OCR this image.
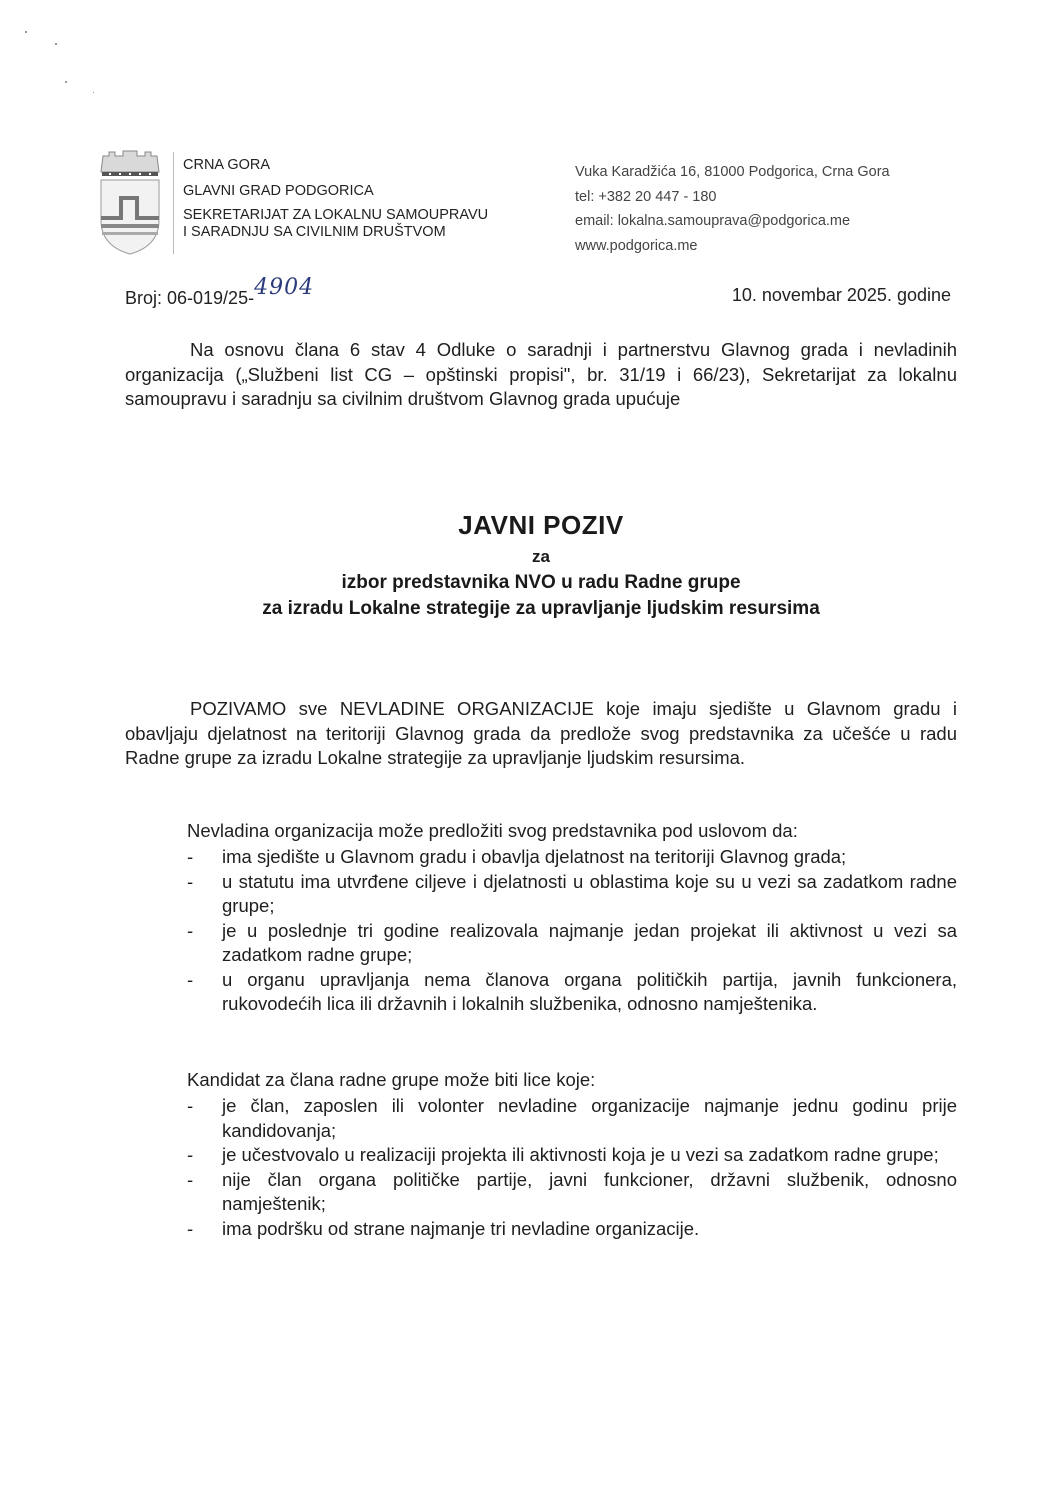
CRNA GORA
GLAVNI GRAD PODGORICA
SEKRETARIJAT ZA LOKALNU SAMOUPRAVU
I SARADNJU SA CIVILNIM DRUŠTVOM
Vuka Karadžića 16, 81000 Podgorica, Crna Gora
tel: +382 20 447 - 180
email: lokalna.samouprava@podgorica.me
www.podgorica.me
Broj: 06-019/25-4904	10. novembar 2025. godine
Na osnovu člana 6 stav 4 Odluke o saradnji i partnerstvu Glavnog grada i nevladinih organizacija („Službeni list CG – opštinski propisi", br. 31/19 i 66/23), Sekretarijat za lokalnu samoupravu i saradnju sa civilnim društvom Glavnog grada upućuje
JAVNI POZIV
za
izbor predstavnika NVO u radu Radne grupe
za izradu Lokalne strategije za upravljanje ljudskim resursima
POZIVAMO sve NEVLADINE ORGANIZACIJE koje imaju sjedište u Glavnom gradu i obavljaju djelatnost na teritoriji Glavnog grada da predlože svog predstavnika za učešće u radu Radne grupe za izradu Lokalne strategije za upravljanje ljudskim resursima.
Nevladina organizacija može predložiti svog predstavnika pod uslovom da:
- ima sjedište u Glavnom gradu i obavlja djelatnost na teritoriji Glavnog grada;
- u statutu ima utvrđene ciljeve i djelatnosti u oblastima koje su u vezi sa zadatkom radne grupe;
- je u poslednje tri godine realizovala najmanje jedan projekat ili aktivnost u vezi sa zadatkom radne grupe;
- u organu upravljanja nema članova organa političkih partija, javnih funkcionera, rukovodećih lica ili državnih i lokalnih službenika, odnosno namještenika.
Kandidat za člana radne grupe može biti lice koje:
- je član, zaposlen ili volonter nevladine organizacije najmanje jednu godinu prije kandidovanja;
- je učestvovalo u realizaciji projekta ili aktivnosti koja je u vezi sa zadatkom radne grupe;
- nije član organa političke partije, javni funkcioner, državni službenik, odnosno namještenik;
- ima podršku od strane najmanje tri nevladine organizacije.
